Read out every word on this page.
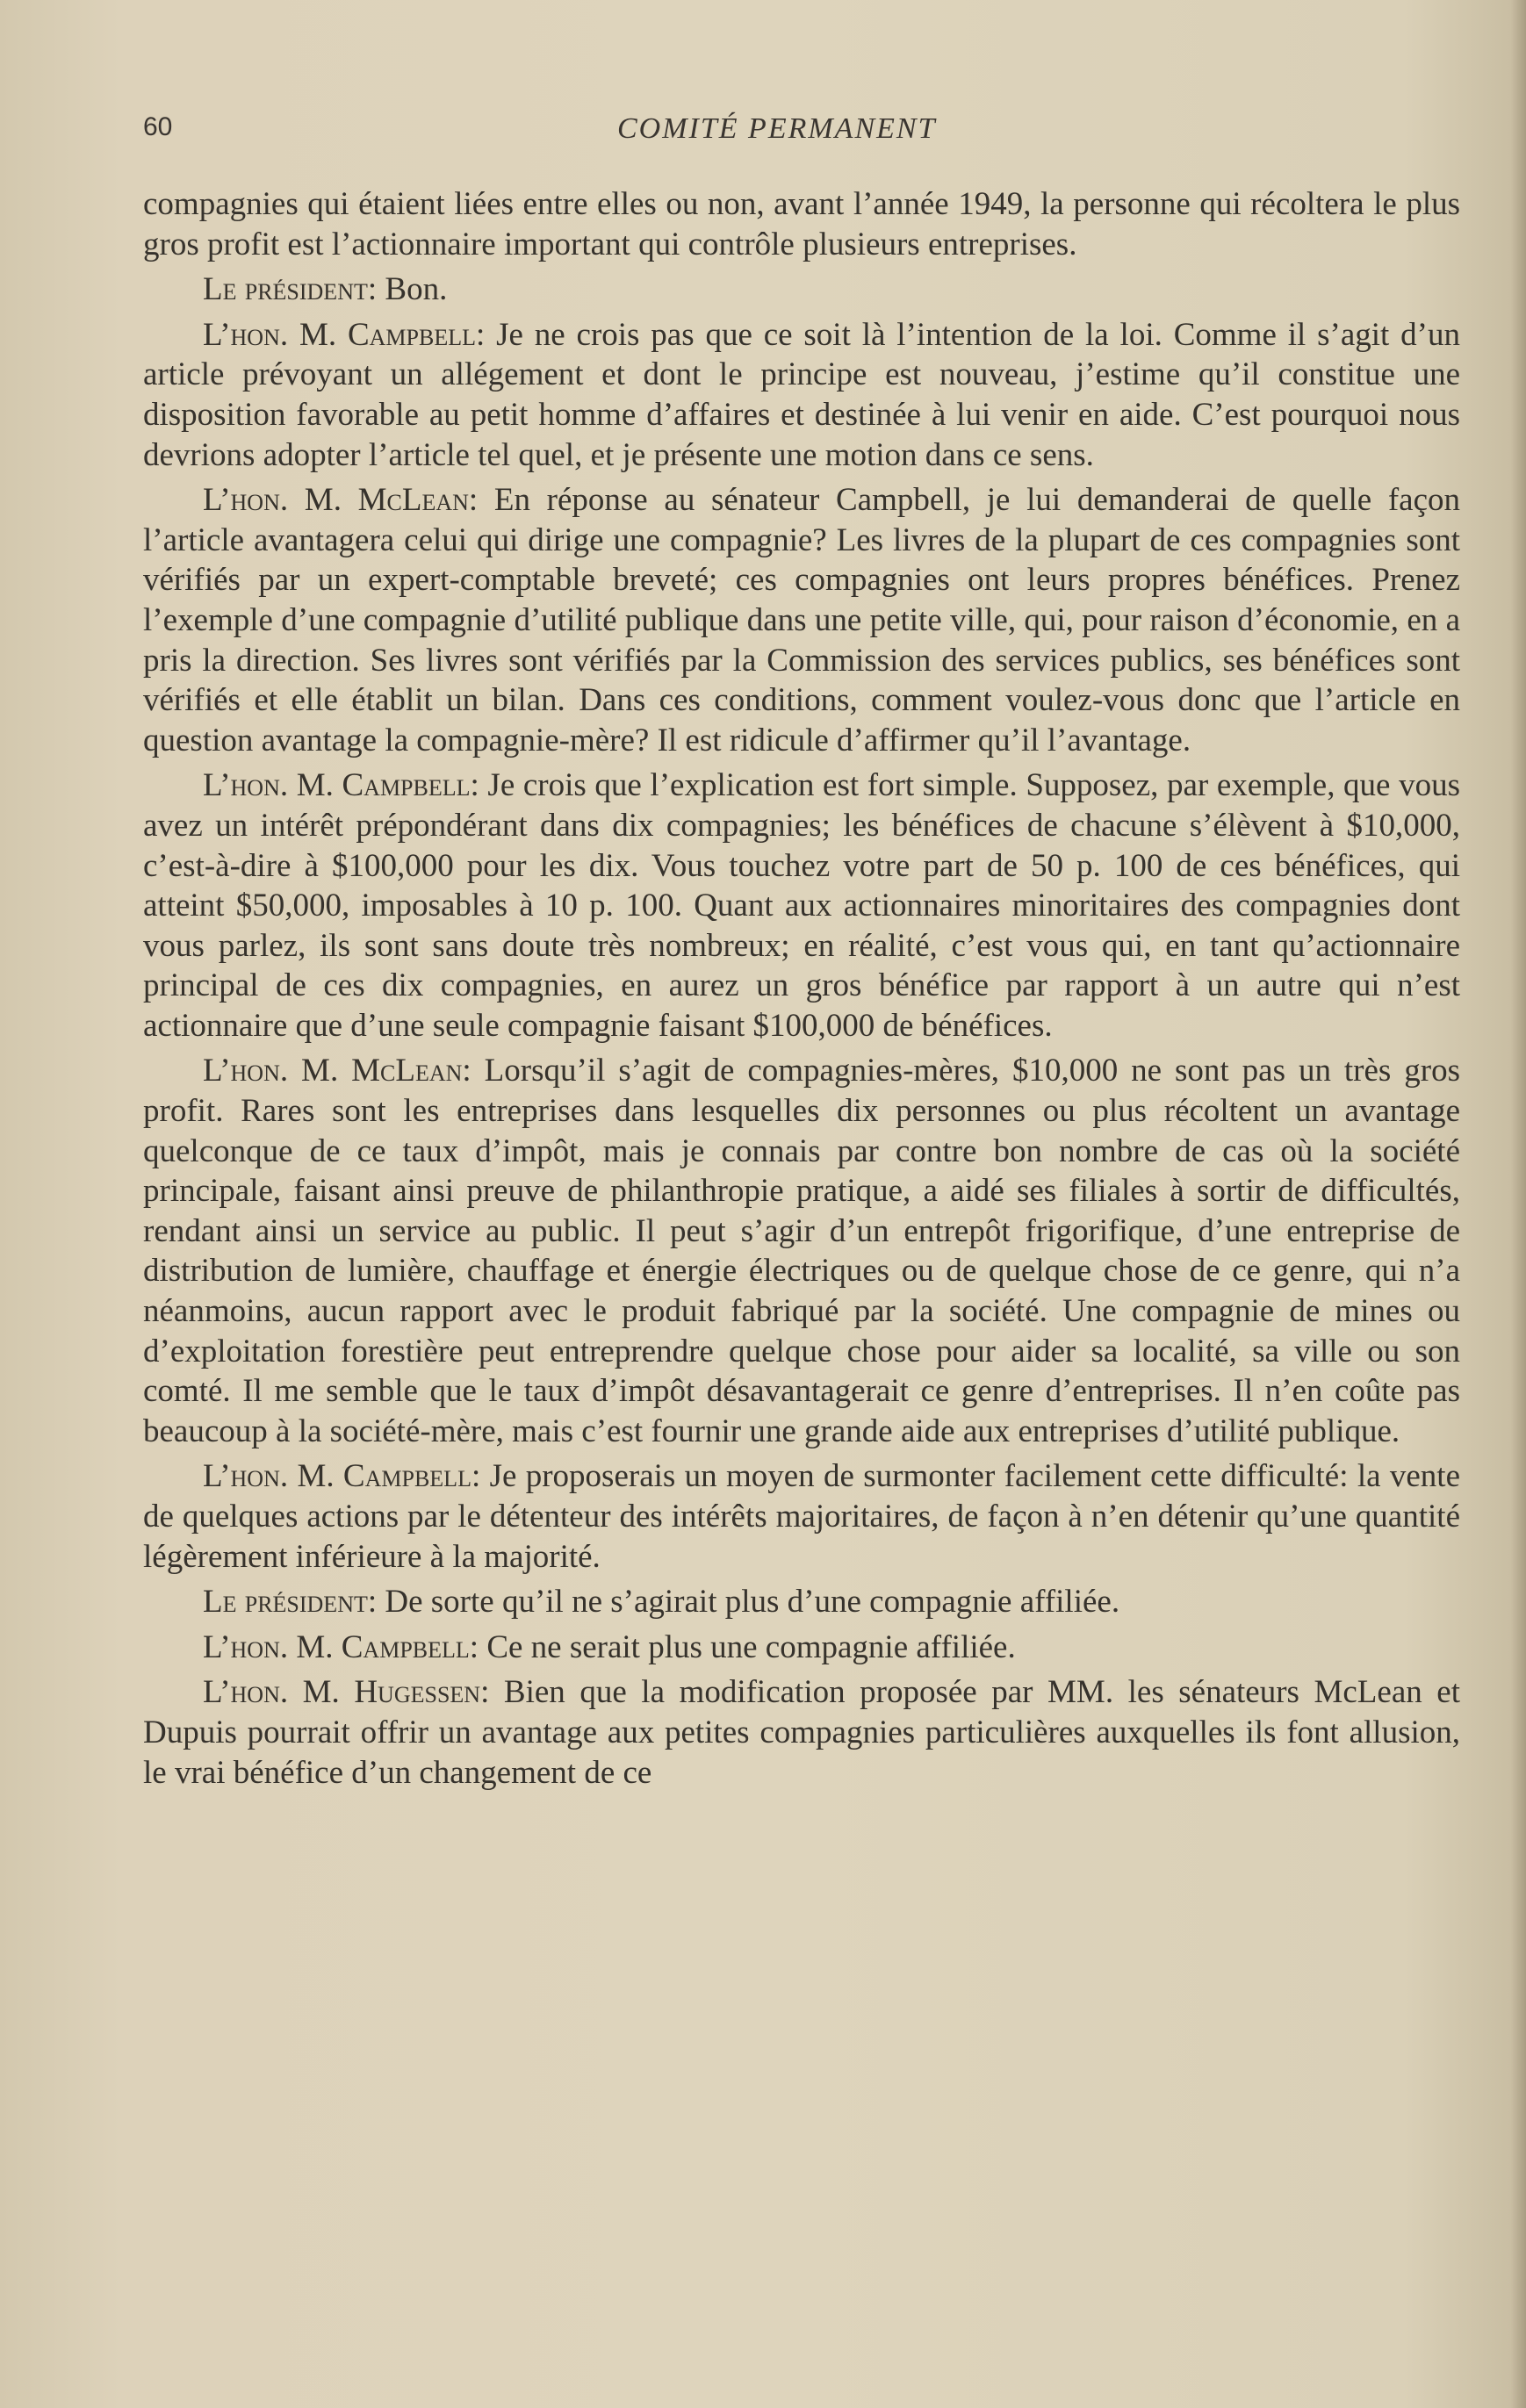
60	COMITÉ PERMANENT

compagnies qui étaient liées entre elles ou non, avant l’année 1949, la personne qui récoltera le plus gros profit est l’actionnaire important qui contrôle plusieurs entreprises.

Le président: Bon.

L’hon. M. Campbell: Je ne crois pas que ce soit là l’intention de la loi. Comme il s’agit d’un article prévoyant un allégement et dont le principe est nouveau, j’estime qu’il constitue une disposition favorable au petit homme d’affaires et destinée à lui venir en aide. C’est pourquoi nous devrions adopter l’article tel quel, et je présente une motion dans ce sens.

L’hon. M. McLean: En réponse au sénateur Campbell, je lui demanderai de quelle façon l’article avantagera celui qui dirige une compagnie? Les livres de la plupart de ces compagnies sont vérifiés par un expert-comptable breveté; ces compagnies ont leurs propres bénéfices. Prenez l’exemple d’une compagnie d’utilité publique dans une petite ville, qui, pour raison d’économie, en a pris la direction. Ses livres sont vérifiés par la Commission des services publics, ses bénéfices sont vérifiés et elle établit un bilan. Dans ces conditions, comment voulez-vous donc que l’article en question avantage la compagnie-mère? Il est ridicule d’affirmer qu’il l’avantage.

L’hon. M. Campbell: Je crois que l’explication est fort simple. Supposez, par exemple, que vous avez un intérêt prépondérant dans dix compagnies; les bénéfices de chacune s’élèvent à $10,000, c’est-à-dire à $100,000 pour les dix. Vous touchez votre part de 50 p. 100 de ces bénéfices, qui atteint $50,000, imposables à 10 p. 100. Quant aux actionnaires minoritaires des compagnies dont vous parlez, ils sont sans doute très nombreux; en réalité, c’est vous qui, en tant qu’actionnaire principal de ces dix compagnies, en aurez un gros bénéfice par rapport à un autre qui n’est actionnaire que d’une seule compagnie faisant $100,000 de bénéfices.

L’hon. M. McLean: Lorsqu’il s’agit de compagnies-mères, $10,000 ne sont pas un très gros profit. Rares sont les entreprises dans lesquelles dix personnes ou plus récoltent un avantage quelconque de ce taux d’impôt, mais je connais par contre bon nombre de cas où la société principale, faisant ainsi preuve de philanthropie pratique, a aidé ses filiales à sortir de difficultés, rendant ainsi un service au public. Il peut s’agir d’un entrepôt frigorifique, d’une entreprise de distribution de lumière, chauffage et énergie électriques ou de quelque chose de ce genre, qui n’a néanmoins, aucun rapport avec le produit fabriqué par la société. Une compagnie de mines ou d’exploitation forestière peut entreprendre quelque chose pour aider sa localité, sa ville ou son comté. Il me semble que le taux d’impôt désavantagerait ce genre d’entreprises. Il n’en coûte pas beaucoup à la société-mère, mais c’est fournir une grande aide aux entreprises d’utilité publique.

L’hon. M. Campbell: Je proposerais un moyen de surmonter facilement cette difficulté: la vente de quelques actions par le détenteur des intérêts majoritaires, de façon à n’en détenir qu’une quantité légèrement inférieure à la majorité.

Le président: De sorte qu’il ne s’agirait plus d’une compagnie affiliée.

L’hon. M. Campbell: Ce ne serait plus une compagnie affiliée.

L’hon. M. Hugessen: Bien que la modification proposée par MM. les sénateurs McLean et Dupuis pourrait offrir un avantage aux petites compagnies particulières auxquelles ils font allusion, le vrai bénéfice d’un changement de ce
